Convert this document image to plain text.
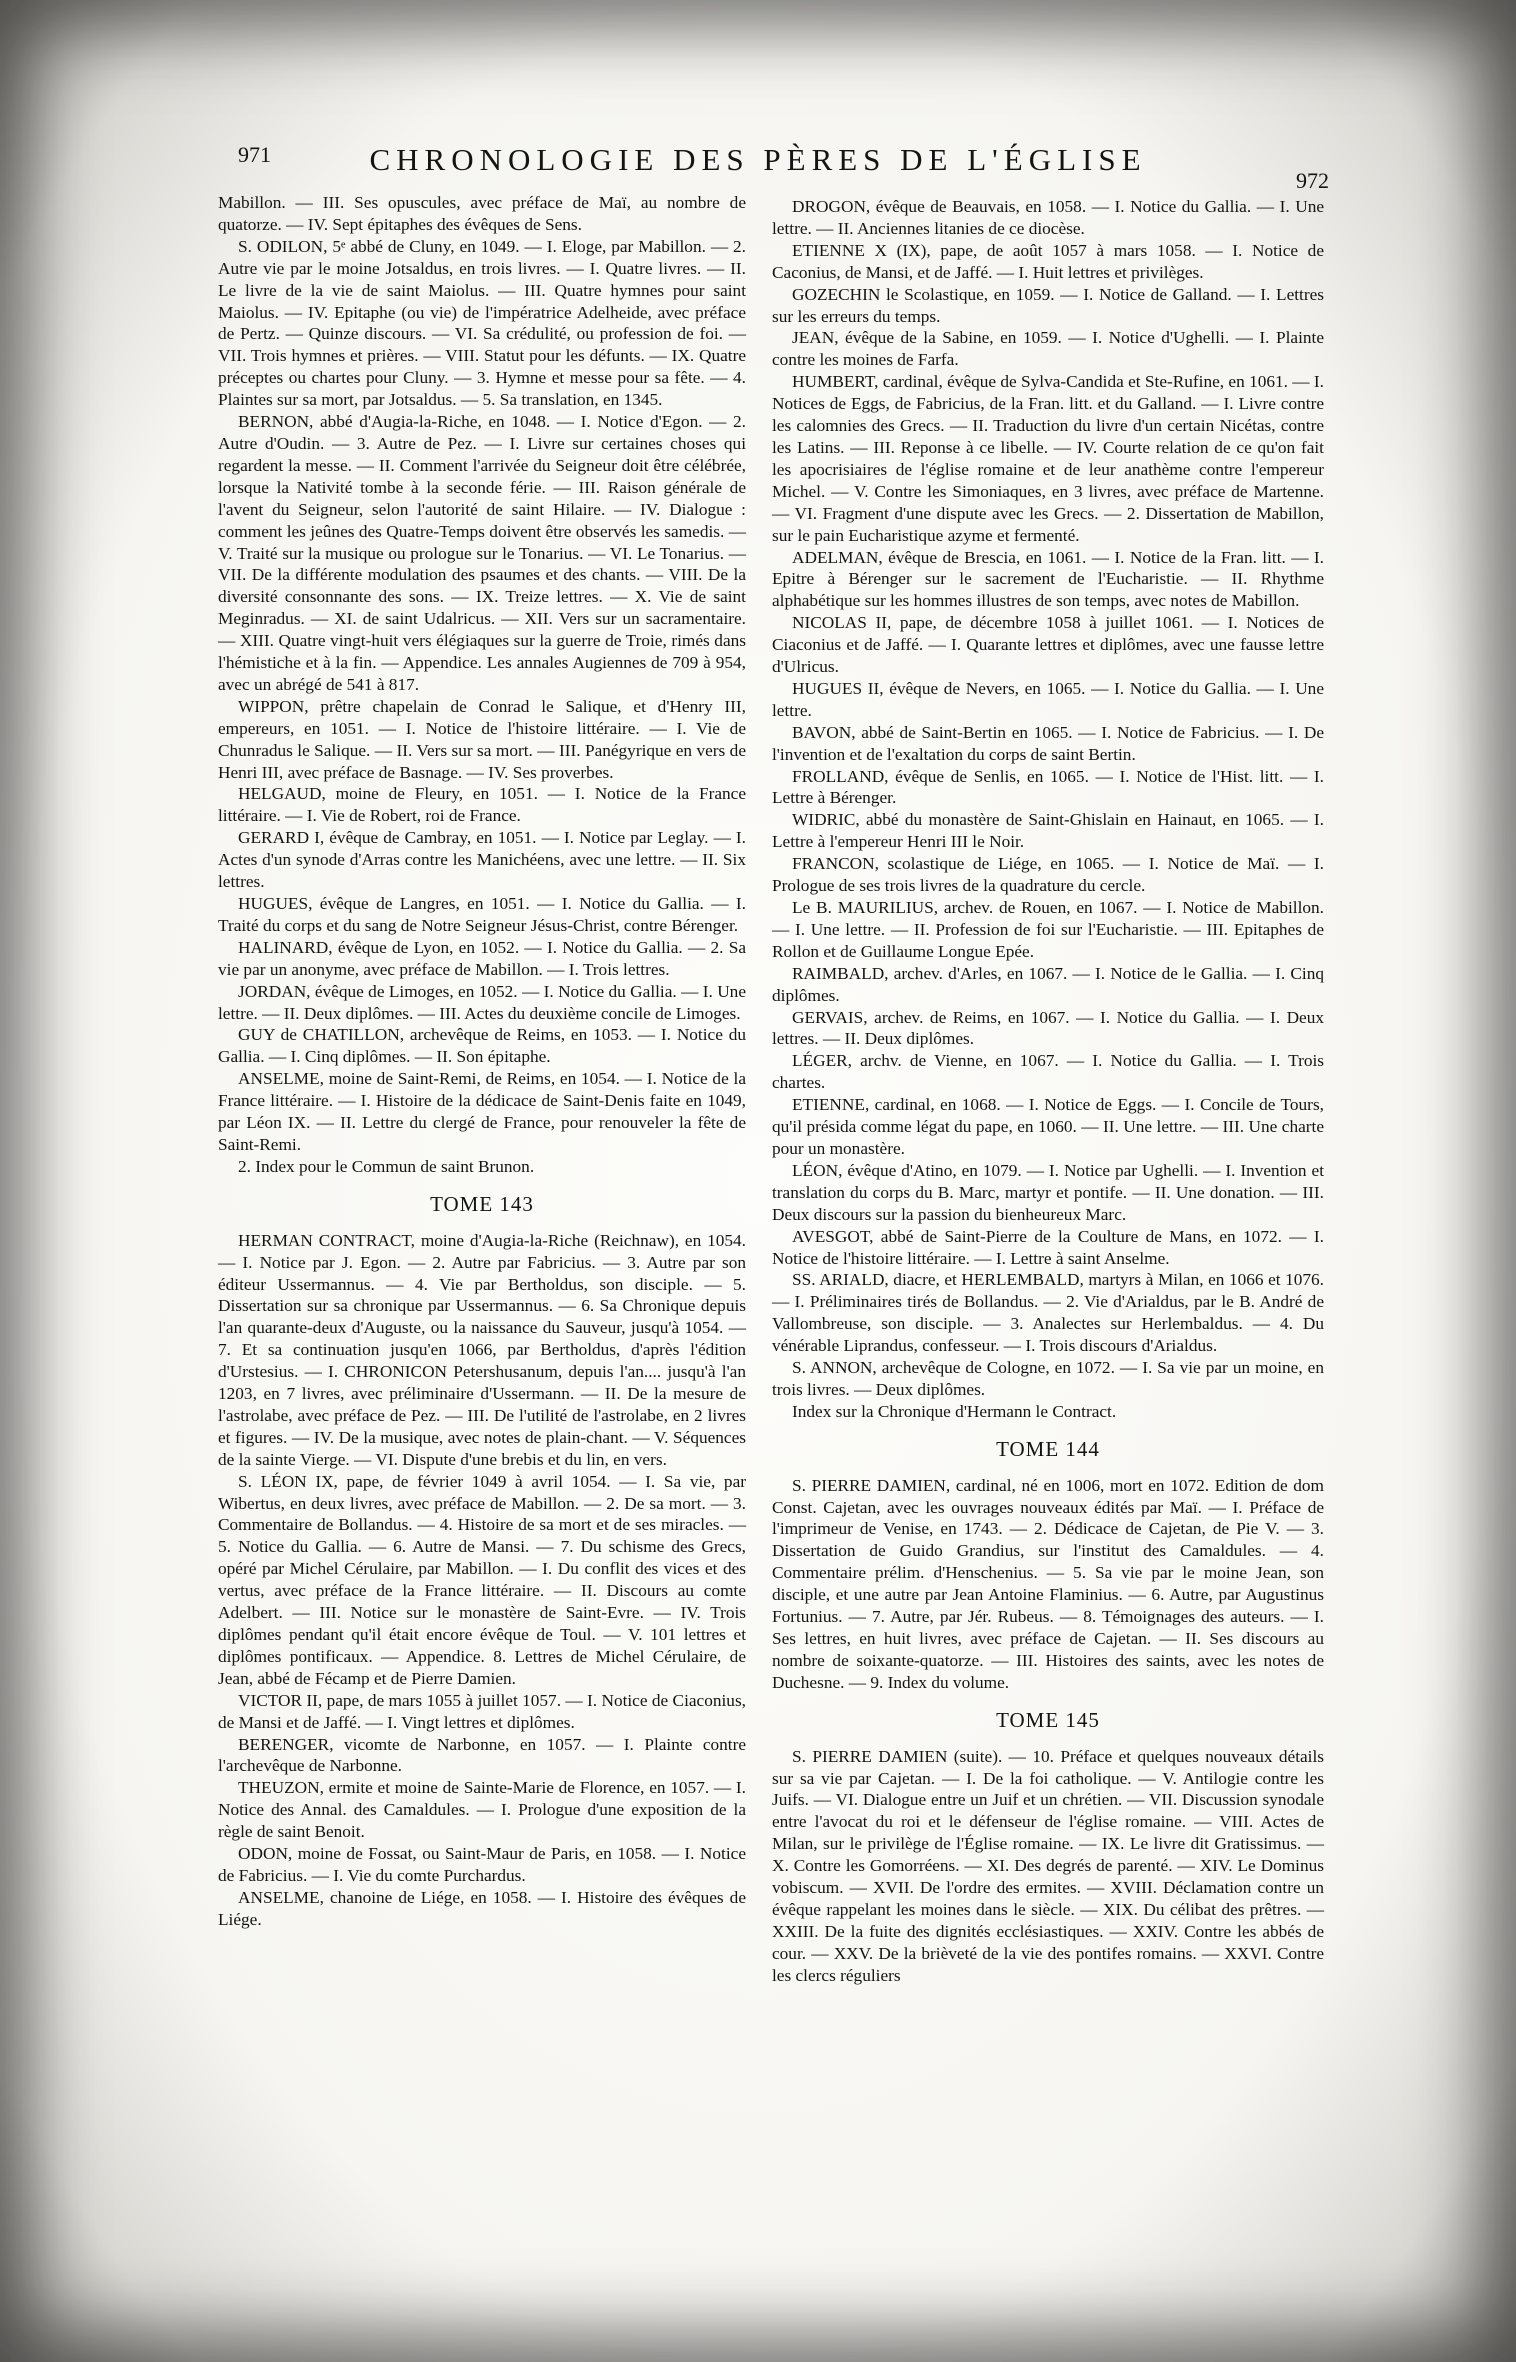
971	CHRONOLOGIE DES PÈRES DE L'ÉGLISE
972

Mabillon. — III. Ses opuscules, avec préface de Maï, au nombre de quatorze. — IV. Sept épitaphes des évêques de Sens.

S. ODILON, 5ᵉ abbé de Cluny, en 1049. — I. Eloge, par Mabillon. — 2. Autre vie par le moine Jotsaldus, en trois livres. — I. Quatre livres. — II. Le livre de la vie de saint Maiolus. — III. Quatre hymnes pour saint Maiolus. — IV. Epitaphe (ou vie) de l'impératrice Adelheide, avec préface de Pertz. — Quinze discours. — VI. Sa crédulité, ou profession de foi. — VII. Trois hymnes et prières. — VIII. Statut pour les défunts. — IX. Quatre préceptes ou chartes pour Cluny. — 3. Hymne et messe pour sa fête. — 4. Plaintes sur sa mort, par Jotsaldus. — 5. Sa translation, en 1345.

BERNON, abbé d'Augia-la-Riche, en 1048. — I. Notice d'Egon. — 2. Autre d'Oudin. — 3. Autre de Pez. — I. Livre sur certaines choses qui regardent la messe. — II. Comment l'arrivée du Seigneur doit être célébrée, lorsque la Nativité tombe à la seconde férie. — III. Raison générale de l'avent du Seigneur, selon l'autorité de saint Hilaire. — IV. Dialogue : comment les jeûnes des Quatre-Temps doivent être observés les samedis. — V. Traité sur la musique ou prologue sur le Tonarius. — VI. Le Tonarius. — VII. De la différente modulation des psaumes et des chants. — VIII. De la diversité consonnante des sons. — IX. Treize lettres. — X. Vie de saint Meginradus. — XI. de saint Udalricus. — XII. Vers sur un sacramentaire. — XIII. Quatre vingt-huit vers élégiaques sur la guerre de Troie, rimés dans l'hémistiche et à la fin. — Appendice. Les annales Augiennes de 709 à 954, avec un abrégé de 541 à 817.

WIPPON, prêtre chapelain de Conrad le Salique, et d'Henry III, empereurs, en 1051. — I. Notice de l'histoire littéraire. — I. Vie de Chunradus le Salique. — II. Vers sur sa mort. — III. Panégyrique en vers de Henri III, avec préface de Basnage. — IV. Ses proverbes.

HELGAUD, moine de Fleury, en 1051. — I. Notice de la France littéraire. — I. Vie de Robert, roi de France.

GERARD I, évêque de Cambray, en 1051. — I. Notice par Leglay. — I. Actes d'un synode d'Arras contre les Manichéens, avec une lettre. — II. Six lettres.

HUGUES, évêque de Langres, en 1051. — I. Notice du Gallia. — I. Traité du corps et du sang de Notre Seigneur Jésus-Christ, contre Bérenger.

HALINARD, évêque de Lyon, en 1052. — I. Notice du Gallia. — 2. Sa vie par un anonyme, avec préface de Mabillon. — I. Trois lettres.

JORDAN, évêque de Limoges, en 1052. — I. Notice du Gallia. — I. Une lettre. — II. Deux diplômes. — III. Actes du deuxième concile de Limoges.

GUY de CHATILLON, archevêque de Reims, en 1053. — I. Notice du Gallia. — I. Cinq diplômes. — II. Son épitaphe.

ANSELME, moine de Saint-Remi, de Reims, en 1054. — I. Notice de la France littéraire. — I. Histoire de la dédicace de Saint-Denis faite en 1049, par Léon IX. — II. Lettre du clergé de France, pour renouveler la fête de Saint-Remi.

2. Index pour le Commun de saint Brunon.

TOME 143

HERMAN CONTRACT, moine d'Augia-la-Riche (Reichnaw), en 1054. — I. Notice par J. Egon. — 2. Autre par Fabricius. — 3. Autre par son éditeur Ussermannus. — 4. Vie par Bertholdus, son disciple. — 5. Dissertation sur sa chronique par Ussermannus. — 6. Sa Chronique depuis l'an quarante-deux d'Auguste, ou la naissance du Sauveur, jusqu'à 1054. — 7. Et sa continuation jusqu'en 1066, par Bertholdus, d'après l'édition d'Urstesius. — I. CHRONICON Petershusanum, depuis l'an.... jusqu'à l'an 1203, en 7 livres, avec préliminaire d'Ussermann. — II. De la mesure de l'astrolabe, avec préface de Pez. — III. De l'utilité de l'astrolabe, en 2 livres et figures. — IV. De la musique, avec notes de plain-chant. — V. Séquences de la sainte Vierge. — VI. Dispute d'une brebis et du lin, en vers.

S. LÉON IX, pape, de février 1049 à avril 1054. — I. Sa vie, par Wibertus, en deux livres, avec préface de Mabillon. — 2. De sa mort. — 3. Commentaire de Bollandus. — 4. Histoire de sa mort et de ses miracles. — 5. Notice du Gallia. — 6. Autre de Mansi. — 7. Du schisme des Grecs, opéré par Michel Cérulaire, par Mabillon. — I. Du conflit des vices et des vertus, avec préface de la France littéraire. — II. Discours au comte Adelbert. — III. Notice sur le monastère de Saint-Evre. — IV. Trois diplômes pendant qu'il était encore évêque de Toul. — V. 101 lettres et diplômes pontificaux. — Appendice. 8. Lettres de Michel Cérulaire, de Jean, abbé de Fécamp et de Pierre Damien.

VICTOR II, pape, de mars 1055 à juillet 1057. — I. Notice de Ciaconius, de Mansi et de Jaffé. — I. Vingt lettres et diplômes.

BERENGER, vicomte de Narbonne, en 1057. — I. Plainte contre l'archevêque de Narbonne.

THEUZON, ermite et moine de Sainte-Marie de Florence, en 1057. — I. Notice des Annal. des Camaldules. — I. Prologue d'une exposition de la règle de saint Benoit.

ODON, moine de Fossat, ou Saint-Maur de Paris, en 1058. — I. Notice de Fabricius. — I. Vie du comte Purchardus.

ANSELME, chanoine de Liége, en 1058. — I. Histoire des évêques de Liége.

DROGON, évêque de Beauvais, en 1058. — I. Notice du Gallia. — I. Une lettre. — II. Anciennes litanies de ce diocèse.

ETIENNE X (IX), pape, de août 1057 à mars 1058. — I. Notice de Caconius, de Mansi, et de Jaffé. — I. Huit lettres et privilèges.

GOZECHIN le Scolastique, en 1059. — I. Notice de Galland. — I. Lettres sur les erreurs du temps.

JEAN, évêque de la Sabine, en 1059. — I. Notice d'Ughelli. — I. Plainte contre les moines de Farfa.

HUMBERT, cardinal, évêque de Sylva-Candida et Ste-Rufine, en 1061. — I. Notices de Eggs, de Fabricius, de la Fran. litt. et du Galland. — I. Livre contre les calomnies des Grecs. — II. Traduction du livre d'un certain Nicétas, contre les Latins. — III. Reponse à ce libelle. — IV. Courte relation de ce qu'on fait les apocrisiaires de l'église romaine et de leur anathème contre l'empereur Michel. — V. Contre les Simoniaques, en 3 livres, avec préface de Martenne. — VI. Fragment d'une dispute avec les Grecs. — 2. Dissertation de Mabillon, sur le pain Eucharistique azyme et fermenté.

ADELMAN, évêque de Brescia, en 1061. — I. Notice de la Fran. litt. — I. Epitre à Bérenger sur le sacrement de l'Eucharistie. — II. Rhythme alphabétique sur les hommes illustres de son temps, avec notes de Mabillon.

NICOLAS II, pape, de décembre 1058 à juillet 1061. — I. Notices de Ciaconius et de Jaffé. — I. Quarante lettres et diplômes, avec une fausse lettre d'Ulricus.

HUGUES II, évêque de Nevers, en 1065. — I. Notice du Gallia. — I. Une lettre.

BAVON, abbé de Saint-Bertin en 1065. — I. Notice de Fabricius. — I. De l'invention et de l'exaltation du corps de saint Bertin.

FROLLAND, évêque de Senlis, en 1065. — I. Notice de l'Hist. litt. — I. Lettre à Bérenger.

WIDRIC, abbé du monastère de Saint-Ghislain en Hainaut, en 1065. — I. Lettre à l'empereur Henri III le Noir.

FRANCON, scolastique de Liége, en 1065. — I. Notice de Maï. — I. Prologue de ses trois livres de la quadrature du cercle.

Le B. MAURILIUS, archev. de Rouen, en 1067. — I. Notice de Mabillon. — I. Une lettre. — II. Profession de foi sur l'Eucharistie. — III. Epitaphes de Rollon et de Guillaume Longue Epée.

RAIMBALD, archev. d'Arles, en 1067. — I. Notice de le Gallia. — I. Cinq diplômes.

GERVAIS, archev. de Reims, en 1067. — I. Notice du Gallia. — I. Deux lettres. — II. Deux diplômes.

LÉGER, archv. de Vienne, en 1067. — I. Notice du Gallia. — I. Trois chartes.

ETIENNE, cardinal, en 1068. — I. Notice de Eggs. — I. Concile de Tours, qu'il présida comme légat du pape, en 1060. — II. Une lettre. — III. Une charte pour un monastère.

LÉON, évêque d'Atino, en 1079. — I. Notice par Ughelli. — I. Invention et translation du corps du B. Marc, martyr et pontife. — II. Une donation. — III. Deux discours sur la passion du bienheureux Marc.

AVESGOT, abbé de Saint-Pierre de la Coulture de Mans, en 1072. — I. Notice de l'histoire littéraire. — I. Lettre à saint Anselme.

SS. ARIALD, diacre, et HERLEMBALD, martyrs à Milan, en 1066 et 1076. — I. Préliminaires tirés de Bollandus. — 2. Vie d'Arialdus, par le B. André de Vallombreuse, son disciple. — 3. Analectes sur Herlembaldus. — 4. Du vénérable Liprandus, confesseur. — I. Trois discours d'Arialdus.

S. ANNON, archevêque de Cologne, en 1072. — I. Sa vie par un moine, en trois livres. — Deux diplômes.

Index sur la Chronique d'Hermann le Contract.

TOME 144

S. PIERRE DAMIEN, cardinal, né en 1006, mort en 1072. Edition de dom Const. Cajetan, avec les ouvrages nouveaux édités par Maï. — I. Préface de l'imprimeur de Venise, en 1743. — 2. Dédicace de Cajetan, de Pie V. — 3. Dissertation de Guido Grandius, sur l'institut des Camaldules. — 4. Commentaire prélim. d'Henschenius. — 5. Sa vie par le moine Jean, son disciple, et une autre par Jean Antoine Flaminius. — 6. Autre, par Augustinus Fortunius. — 7. Autre, par Jér. Rubeus. — 8. Témoignages des auteurs. — I. Ses lettres, en huit livres, avec préface de Cajetan. — II. Ses discours au nombre de soixante-quatorze. — III. Histoires des saints, avec les notes de Duchesne. — 9. Index du volume.

TOME 145

S. PIERRE DAMIEN (suite). — 10. Préface et quelques nouveaux détails sur sa vie par Cajetan. — I. De la foi catholique. — V. Antilogie contre les Juifs. — VI. Dialogue entre un Juif et un chrétien. — VII. Discussion synodale entre l'avocat du roi et le défenseur de l'église romaine. — VIII. Actes de Milan, sur le privilège de l'Église romaine. — IX. Le livre dit Gratissimus. — X. Contre les Gomorréens. — XI. Des degrés de parenté. — XIV. Le Dominus vobiscum. — XVII. De l'ordre des ermites. — XVIII. Déclamation contre un évêque rappelant les moines dans le siècle. — XIX. Du célibat des prêtres. — XXIII. De la fuite des dignités ecclésiastiques. — XXIV. Contre les abbés de cour. — XXV. De la brièveté de la vie des pontifes romains. — XXVI. Contre les clercs réguliers
